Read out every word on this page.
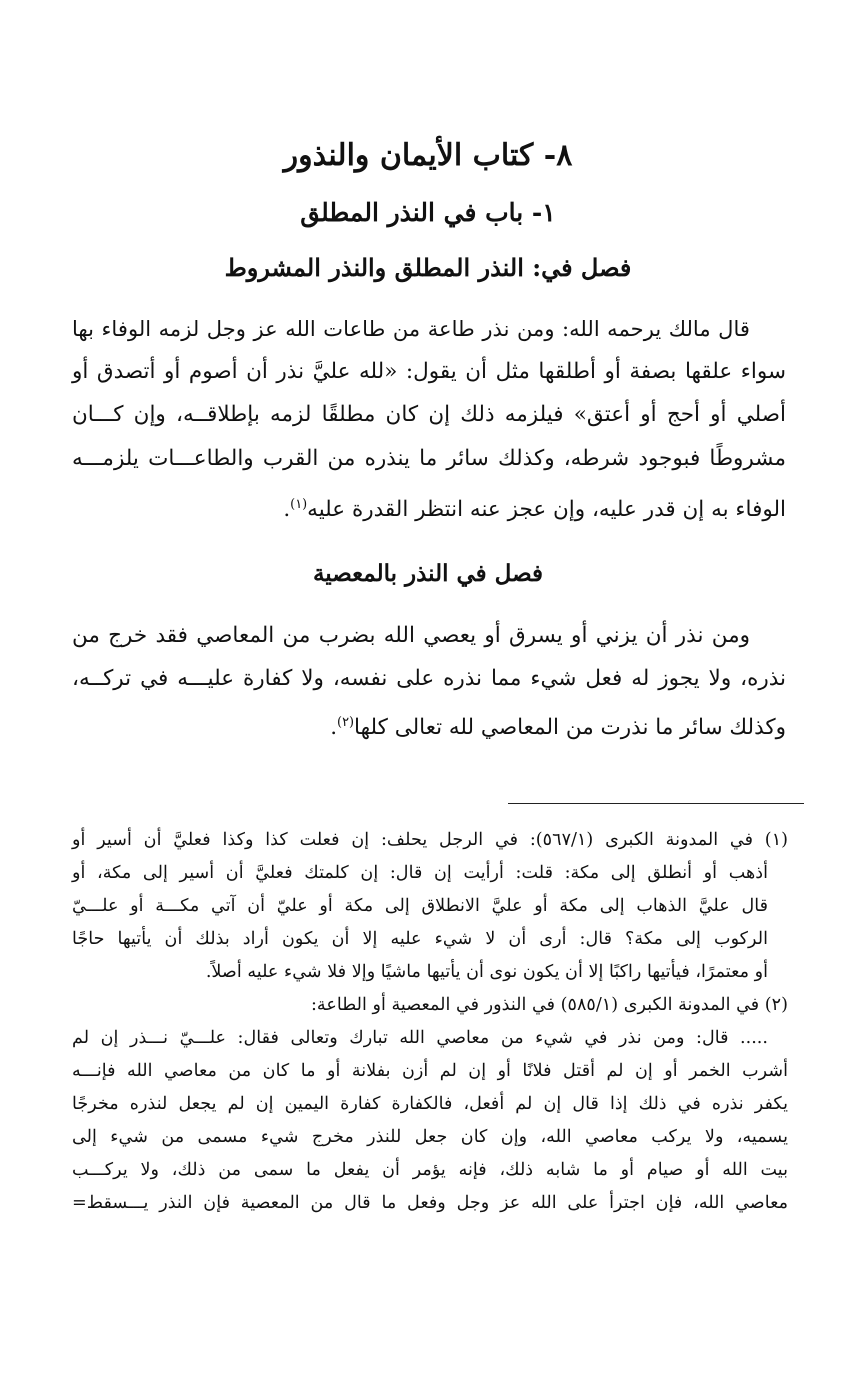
٨- كتاب الأيمان والنذور
١- باب في النذر المطلق
فصل في: النذر المطلق والنذر المشروط

قال مالك يرحمه الله: ومن نذر طاعة من طاعات الله عز وجل لزمه الوفاء بها

سواء علقها بصفة أو أطلقها مثل أن يقول: «لله عليَّ نذر أن أصوم أو أتصدق أو

أصلي أو أحج أو أعتق» فيلزمه ذلك إن كان مطلقًا لزمه بإطلاقــه، وإن كـــان

مشروطًا فبوجود شرطه، وكذلك سائر ما ينذره من القرب والطاعـــات يلزمـــه

الوفاء به إن قدر عليه، وإن عجز عنه انتظر القدرة عليه$^{(١)}$.

فصل في النذر بالمعصية

ومن نذر أن يزني أو يسرق أو يعصي الله بضرب من المعاصي فقد خرج من

نذره، ولا يجوز له فعل شيء مما نذره على نفسه، ولا كفارة عليـــه في تركــه،

وكذلك سائر ما نذرت من المعاصي لله تعالى كلها$^{(٢)}$.

(١) في المدونة الكبرى (٥٦٧/١): في الرجل يحلف: إن فعلت كذا وكذا فعليَّ أن أسير أو

أذهب أو أنطلق إلى مكة: قلت: أرأيت إن قال: إن كلمتك فعليَّ أن أسير إلى مكة، أو

قال عليَّ الذهاب إلى مكة أو عليَّ الانطلاق إلى مكة أو عليّ أن آتي مكـــة أو علـــيّ

الركوب إلى مكة؟ قال: أرى أن لا شيء عليه إلا أن يكون أراد بذلك أن يأتيها حاجًا

أو معتمرًا، فيأتيها راكبًا إلا أن يكون نوى أن يأتيها ماشيًا وإلا فلا شيء عليه أصلاً.

(٢) في المدونة الكبرى (٥٨٥/١) في النذور في المعصية أو الطاعة:

..... قال: ومن نذر في شيء من معاصي الله تبارك وتعالى فقال: علـــيّ نـــذر إن لم

أشرب الخمر أو إن لم أقتل فلانًا أو إن لم أزن بفلانة أو ما كان من معاصي الله فإنـــه

يكفر نذره في ذلك إذا قال إن لم أفعل، فالكفارة كفارة اليمين إن لم يجعل لنذره مخرجًا

يسميه، ولا يركب معاصي الله، وإن كان جعل للنذر مخرج شيء مسمى من شيء إلى

بيت الله أو صيام أو ما شابه ذلك، فإنه يؤمر أن يفعل ما سمى من ذلك، ولا يركـــب

معاصي الله، فإن اجترأ على الله عز وجل وفعل ما قال من المعصية فإن النذر يـــسقط=
